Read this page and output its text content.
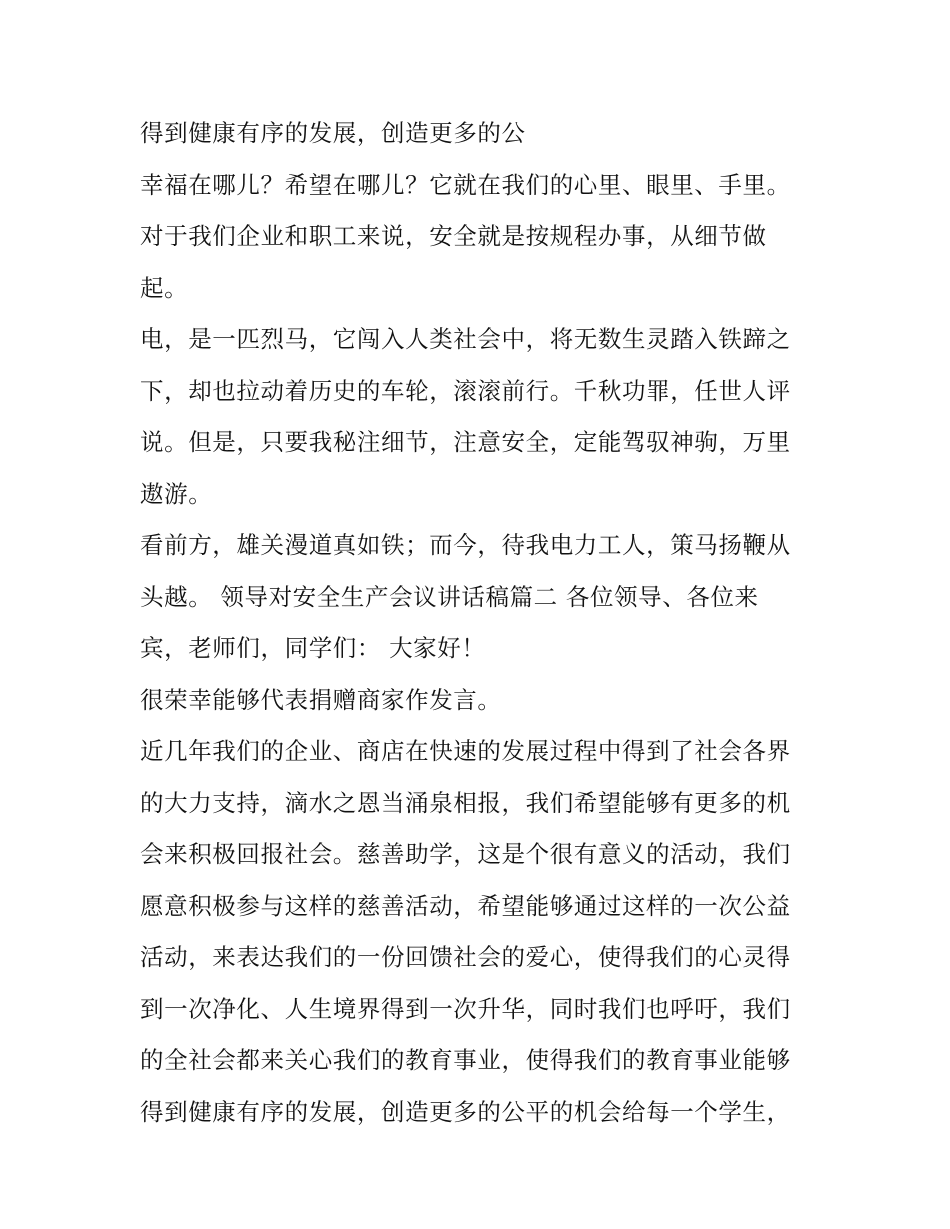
得到健康有序的发展，创造更多的公
幸福在哪儿？希望在哪儿？它就在我们的心里、眼里、手里。
对于我们企业和职工来说，安全就是按规程办事，从细节做
起。
电，是一匹烈马，它闯入人类社会中，将无数生灵踏入铁蹄之
下，却也拉动着历史的车轮，滚滚前行。千秋功罪，任世人评
说。但是，只要我秘注细节，注意安全，定能驾驭神驹，万里
遨游。
看前方，雄关漫道真如铁；而今，待我电力工人，策马扬鞭从
头越。 领导对安全生产会议讲话稿篇二 各位领导、各位来
宾，老师们，同学们： 大家好！
很荣幸能够代表捐赠商家作发言。
近几年我们的企业、商店在快速的发展过程中得到了社会各界
的大力支持，滴水之恩当涌泉相报，我们希望能够有更多的机
会来积极回报社会。慈善助学，这是个很有意义的活动，我们
愿意积极参与这样的慈善活动，希望能够通过这样的一次公益
活动，来表达我们的一份回馈社会的爱心，使得我们的心灵得
到一次净化、人生境界得到一次升华，同时我们也呼吁，我们
的全社会都来关心我们的教育事业，使得我们的教育事业能够
得到健康有序的发展，创造更多的公平的机会给每一个学生，
